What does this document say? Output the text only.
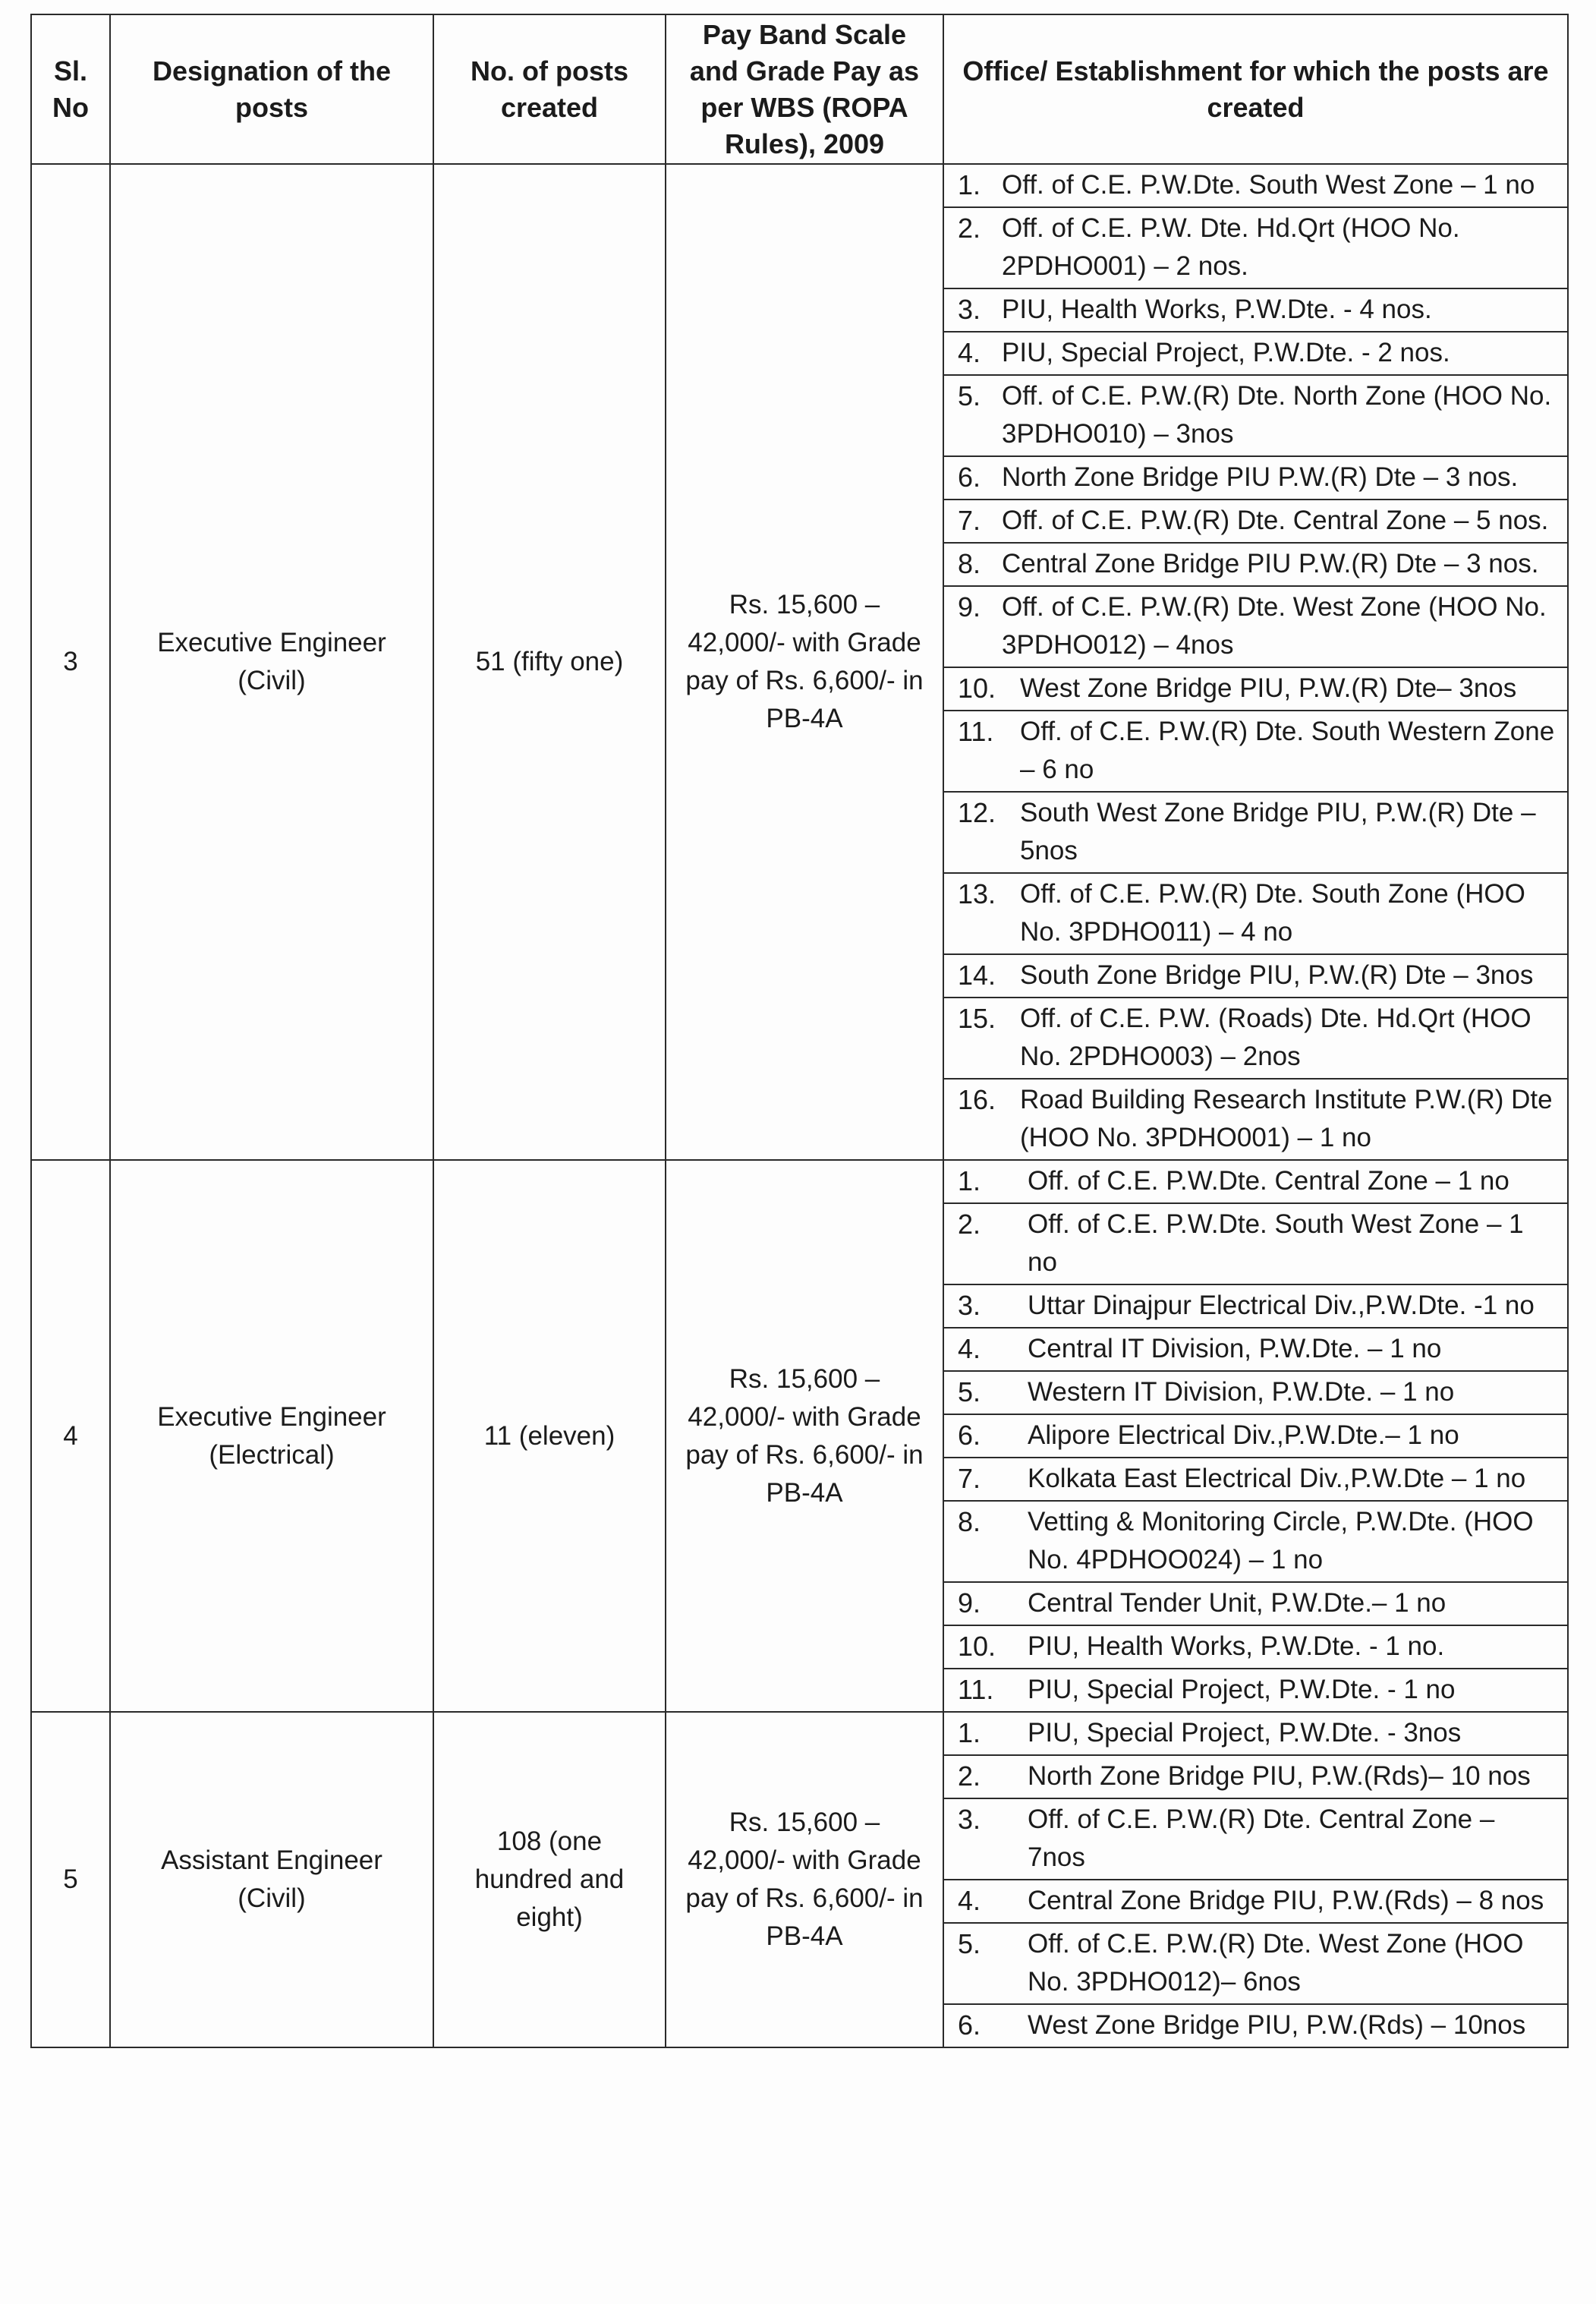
Sl. No	Designation of the posts	No. of posts created	Pay Band Scale and Grade Pay as per WBS (ROPA Rules), 2009	Office/ Establishment for which the posts are created
3	Executive Engineer (Civil)	51 (fifty one)	Rs. 15,600 – 42,000/- with Grade pay of Rs. 6,600/- in PB-4A	
1. Off. of C.E. P.W.Dte. South West Zone – 1 no

2. Off. of C.E. P.W. Dte. Hd.Qrt (HOO No. 2PDHO001) – 2 nos.

3. PIU, Health Works, P.W.Dte. - 4 nos.

4. PIU, Special Project, P.W.Dte. - 2 nos.

5. Off. of C.E. P.W.(R) Dte. North Zone (HOO No. 3PDHO010) – 3nos

6. North Zone Bridge PIU P.W.(R) Dte – 3 nos.

7. Off. of C.E. P.W.(R) Dte. Central Zone – 5 nos.

8. Central Zone Bridge PIU P.W.(R) Dte – 3 nos.

9. Off. of C.E. P.W.(R) Dte. West Zone (HOO No. 3PDHO012) – 4nos

10. West Zone Bridge PIU, P.W.(R) Dte– 3nos

11. Off. of C.E. P.W.(R) Dte. South Western Zone – 6 no

12. South West Zone Bridge PIU, P.W.(R) Dte – 5nos

13. Off. of C.E. P.W.(R) Dte. South Zone (HOO No. 3PDHO011) – 4 no

14. South Zone Bridge PIU, P.W.(R) Dte – 3nos

15. Off. of C.E. P.W. (Roads) Dte. Hd.Qrt (HOO No. 2PDHO003) – 2nos

16. Road Building Research Institute P.W.(R) Dte (HOO No. 3PDHO001) – 1 no

4	Executive Engineer (Electrical)	11 (eleven)	Rs. 15,600 – 42,000/- with Grade pay of Rs. 6,600/- in PB-4A	
1.	Off. of C.E. P.W.Dte. Central Zone – 1 no

2.	Off. of C.E. P.W.Dte. South West Zone – 1 no

3.	Uttar Dinajpur Electrical Div.,P.W.Dte. -1 no

4.	Central IT Division, P.W.Dte. – 1 no

5.	Western IT Division, P.W.Dte. – 1 no

6.	Alipore Electrical Div.,P.W.Dte.– 1 no

7.	Kolkata East Electrical Div.,P.W.Dte – 1 no

8.	Vetting & Monitoring Circle, P.W.Dte. (HOO No. 4PDHOO024) – 1 no

9.	Central Tender Unit, P.W.Dte.– 1 no

10.	PIU, Health Works, P.W.Dte. - 1 no.

11.	PIU, Special Project, P.W.Dte. - 1 no

5	Assistant Engineer (Civil)	108 (one hundred and eight)	Rs. 15,600 – 42,000/- with Grade pay of Rs. 6,600/- in PB-4A	
1.	PIU, Special Project, P.W.Dte. - 3nos

2.	North Zone Bridge PIU, P.W.(Rds)– 10 nos

3.	Off. of C.E. P.W.(R) Dte. Central Zone – 7nos

4.	Central Zone Bridge PIU, P.W.(Rds) – 8 nos

5.	Off. of C.E. P.W.(R) Dte. West Zone (HOO No. 3PDHO012)– 6nos

6.	West Zone Bridge PIU, P.W.(Rds) – 10nos
